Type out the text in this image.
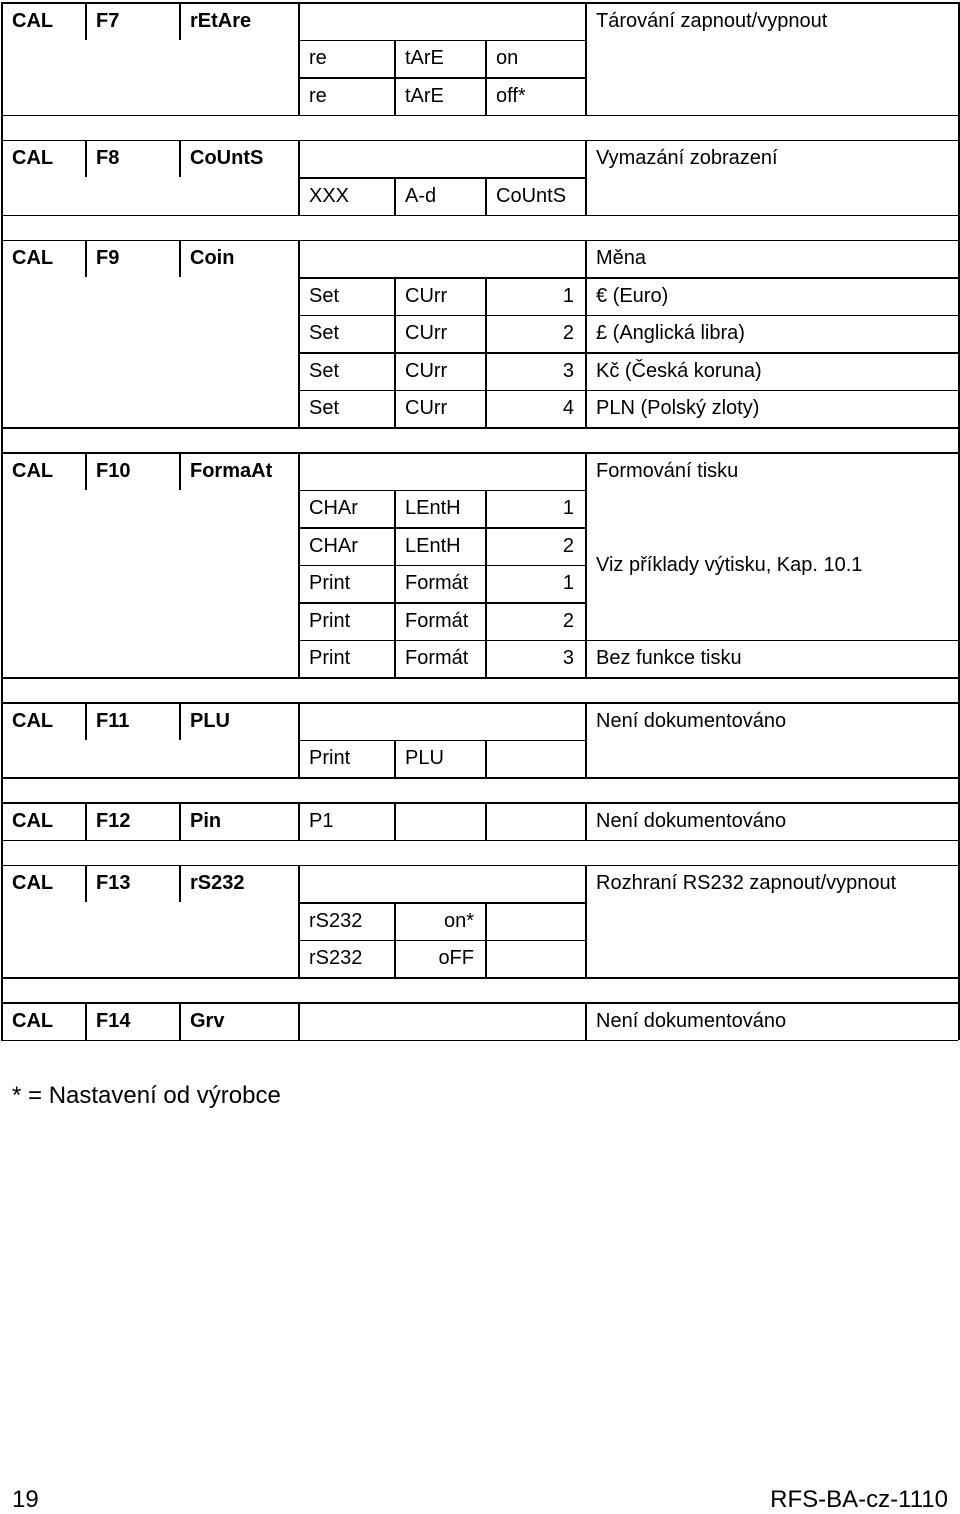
CAL	F7	rEtAre	Tárování zapnout/vypnout
re	tArE	on
re	tArE	off*
CAL	F8	CoUntS	Vymazání zobrazení
XXX	A-d	CoUntS
CAL	F9	Coin	Měna
Set	CUrr	1 € (Euro)
Set	CUrr	2 £ (Anglická libra)
Set	CUrr	3 Kč (Česká koruna)
Set	CUrr	4 PLN (Polský zloty)
CAL	F10	FormaAt	Formování tisku
CHAr	LEntH	1
CHAr	LEntH	2
Print	Formát	1
Print	Formát	2
Print	Formát	3 Bez funkce tisku
Viz příklady výtisku, Kap. 10.1
CAL	F11	PLU	Není dokumentováno
Print	PLU
CAL	F12	Pin	P1	Není dokumentováno
CAL	F13	rS232	Rozhraní RS232 zapnout/vypnout
rS232	on*
rS232	oFF
CAL	F14	Grv	Není dokumentováno
* = Nastavení od výrobce
19	RFS-BA-cz-1110
